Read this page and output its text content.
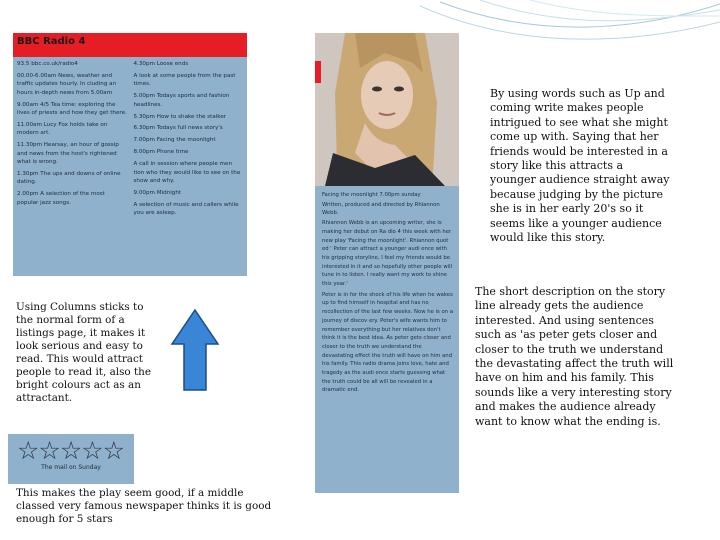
BBC Radio 4
93.5 bbc.co.uk/radio4
00.00-6.00am News, weather and traffic updates hourly. In cluding an hours in-depth news from 5.00am
9.00am 4/5 Tea time: exploring the lives of priests and how they get there.
11.00am Lucy Fox holds take on modern art.
11.30pm Hearsay, an hour of gossip and news from the host's rightened what is wrong.
1.30pm The ups and downs of online dating.
2.00pm A selection of the most popular jazz songs.
4.30pm Loose ends
A look at some people from the past times.
5.00pm Todays sports and fashion headlines.
5.30pm How to shake the stalker
6.30pm Todays full news story's
7.00pm Facing the moonlight
8.00pm Phone time
A call in session where people men tion who they would like to see on the show and why.
9.00pm Midnight
A selection of music and callers while you are asleep.
Facing the moonlight 7.00pm sunday
Written, produced and directed by Rhiannon Webb.

Rhiannon Webb is an upcoming writer, she is making her debut on Ra dio 4 this week with her new play 'Facing the moonlight'. Rhiannon quot ed ' Peter can attract a younger audi ence with his gripping storyline, I feel my friends would be interested in it and so hopefully other people will tune in to listen. I really want my work to shine this year.'

Peter is in for the shock of his life when he wakes up to find himself in hospital and has no recollection of the last few weeks. Now he is on a journey of discov ery. Peter's wife wants him to remember everything but her relatives don't think it is the best idea. As peter gets closer and closer to the truth we understand the devastating effect the truth will have on him and his family. This radio drama joins love, hate and tragedy as the audi ence starts guessing what the truth could be all will be revealed in a dramatic end.

Using Columns sticks to the normal form of a listings page, it makes it look serious and easy to read. This would attract people to read it, also the bright colours act as an attractant.
☆☆☆☆☆
The mail on Sunday
This makes the play seem good, if a middle classed very famous newspaper thinks it is good enough for 5 stars
By using words such as Up and coming write makes people intrigued to see what she might come up with. Saying that her friends would be interested in a story like this attracts a younger audience straight away because judging by the picture she is in her early 20's so it seems like a younger audience would like this story.
The short description on the story line already gets the audience interested. And using sentences such as 'as peter gets closer and closer to the truth we understand the devastating affect the truth will have on him and his family. This sounds like a very interesting story and makes the audience already want to know what the ending is.
